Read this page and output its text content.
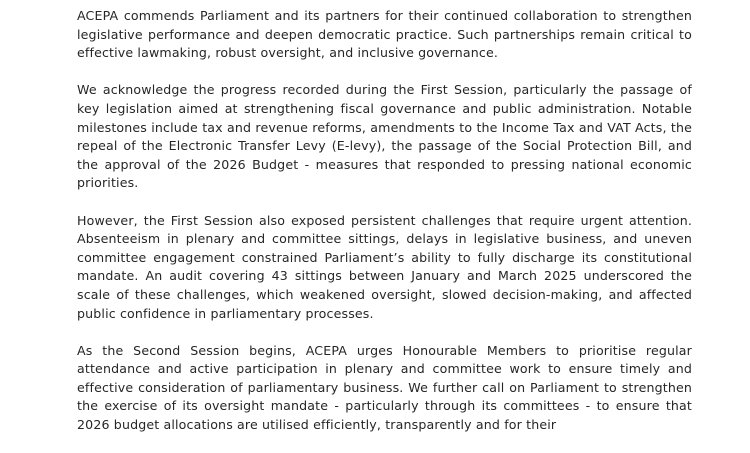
ACEPA commends Parliament and its partners for their continued collaboration to strengthen legislative performance and deepen democratic practice. Such partnerships remain critical to effective lawmaking, robust oversight, and inclusive governance.

We acknowledge the progress recorded during the First Session, particularly the passage of key legislation aimed at strengthening fiscal governance and public administration. Notable milestones include tax and revenue reforms, amendments to the Income Tax and VAT Acts, the repeal of the Electronic Transfer Levy (E-levy), the passage of the Social Protection Bill, and the approval of the 2026 Budget - measures that responded to pressing national economic priorities.

However, the First Session also exposed persistent challenges that require urgent attention. Absenteeism in plenary and committee sittings, delays in legislative business, and uneven committee engagement constrained Parliament’s ability to fully discharge its constitutional mandate. An audit covering 43 sittings between January and March 2025 underscored the scale of these challenges, which weakened oversight, slowed decision-making, and affected public confidence in parliamentary processes.

As the Second Session begins, ACEPA urges Honourable Members to prioritise regular attendance and active participation in plenary and committee work to ensure timely and effective consideration of parliamentary business. We further call on Parliament to strengthen the exercise of its oversight mandate - particularly through its committees - to ensure that 2026 budget allocations are utilised efficiently, transparently and for their
